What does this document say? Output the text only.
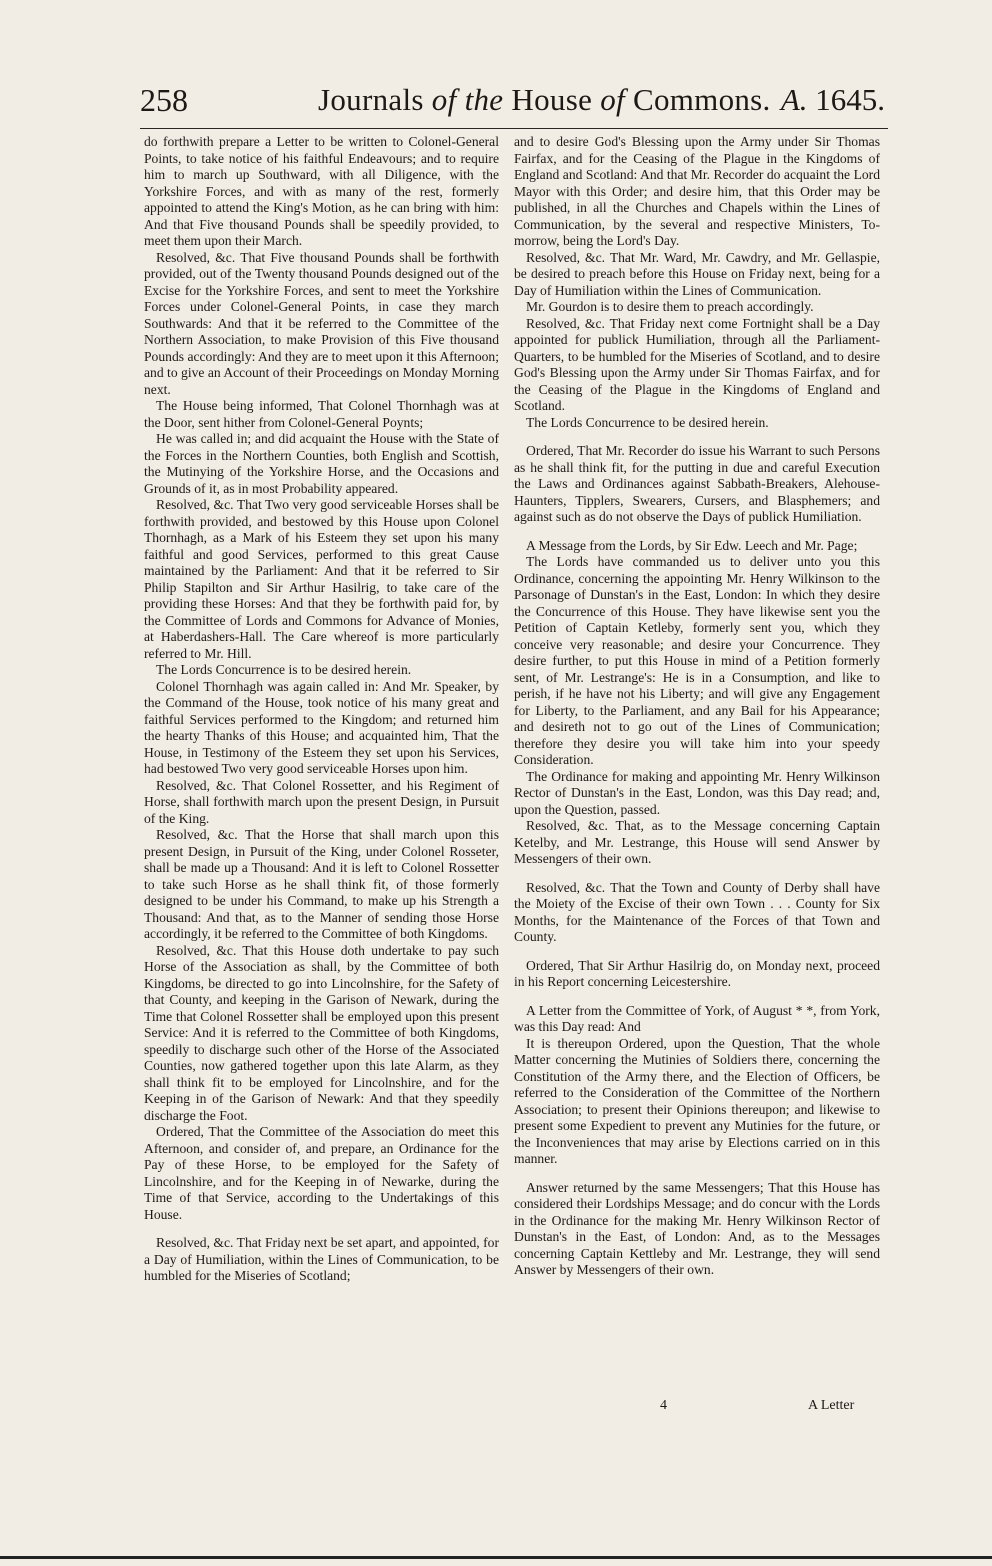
258	Journals of the House of Commons. A. 1645.

do forthwith prepare a Letter to be written to Colonel-General Points, to take notice of his faithful Endeavours; and to require him to march up Southward, with all Diligence, with the Yorkshire Forces, and with as many of the rest, formerly appointed to attend the King's Motion, as he can bring with him: And that Five thousand Pounds shall be speedily provided, to meet them upon their March.

Resolved, &c. That Five thousand Pounds shall be forthwith provided, out of the Twenty thousand Pounds designed out of the Excise for the Yorkshire Forces, and sent to meet the Yorkshire Forces under Colonel-General Points, in case they march Southwards: And that it be referred to the Committee of the Northern Association, to make Provision of this Five thousand Pounds accordingly: And they are to meet upon it this Afternoon; and to give an Account of their Proceedings on Monday Morning next.

The House being informed, That Colonel Thornhagh was at the Door, sent hither from Colonel-General Poynts;

He was called in; and did acquaint the House with the State of the Forces in the Northern Counties, both English and Scottish, the Mutinying of the Yorkshire Horse, and the Occasions and Grounds of it, as in most Probability appeared.

Resolved, &c. That Two very good serviceable Horses shall be forthwith provided, and bestowed by this House upon Colonel Thornhagh, as a Mark of his Esteem they set upon his many faithful and good Services, performed to this great Cause maintained by the Parliament: And that it be referred to Sir Philip Stapilton and Sir Arthur Hasilrig, to take care of the providing these Horses: And that they be forthwith paid for, by the Committee of Lords and Commons for Advance of Monies, at Haberdashers-Hall. The Care whereof is more particularly referred to Mr. Hill.

The Lords Concurrence is to be desired herein.

Colonel Thornhagh was again called in: And Mr. Speaker, by the Command of the House, took notice of his many great and faithful Services performed to the Kingdom; and returned him the hearty Thanks of this House; and acquainted him, That the House, in Testimony of the Esteem they set upon his Services, had bestowed Two very good serviceable Horses upon him.

Resolved, &c. That Colonel Rossetter, and his Regiment of Horse, shall forthwith march upon the present Design, in Pursuit of the King.

Resolved, &c. That the Horse that shall march upon this present Design, in Pursuit of the King, under Colonel Rosseter, shall be made up a Thousand: And it is left to Colonel Rossetter to take such Horse as he shall think fit, of those formerly designed to be under his Command, to make up his Strength a Thousand: And that, as to the Manner of sending those Horse accordingly, it be referred to the Committee of both Kingdoms.

Resolved, &c. That this House doth undertake to pay such Horse of the Association as shall, by the Committee of both Kingdoms, be directed to go into Lincolnshire, for the Safety of that County, and keeping in the Garison of Newark, during the Time that Colonel Rossetter shall be employed upon this present Service: And it is referred to the Committee of both Kingdoms, speedily to discharge such other of the Horse of the Associated Counties, now gathered together upon this late Alarm, as they shall think fit to be employed for Lincolnshire, and for the Keeping in of the Garison of Newark: And that they speedily discharge the Foot.

Ordered, That the Committee of the Association do meet this Afternoon, and consider of, and prepare, an Ordinance for the Pay of these Horse, to be employed for the Safety of Lincolnshire, and for the Keeping in of Newarke, during the Time of that Service, according to the Undertakings of this House.

Resolved, &c. That Friday next be set apart, and appointed, for a Day of Humiliation, within the Lines of Communication, to be humbled for the Miseries of Scotland;

and to desire God's Blessing upon the Army under Sir Thomas Fairfax, and for the Ceasing of the Plague in the Kingdoms of England and Scotland: And that Mr. Recorder do acquaint the Lord Mayor with this Order; and desire him, that this Order may be published, in all the Churches and Chapels within the Lines of Communication, by the several and respective Ministers, To-morrow, being the Lord's Day.

Resolved, &c. That Mr. Ward, Mr. Cawdry, and Mr. Gellaspie, be desired to preach before this House on Friday next, being for a Day of Humiliation within the Lines of Communication.

Mr. Gourdon is to desire them to preach accordingly.

Resolved, &c. That Friday next come Fortnight shall be a Day appointed for publick Humiliation, through all the Parliament-Quarters, to be humbled for the Miseries of Scotland, and to desire God's Blessing upon the Army under Sir Thomas Fairfax, and for the Ceasing of the Plague in the Kingdoms of England and Scotland.

The Lords Concurrence to be desired herein.

Ordered, That Mr. Recorder do issue his Warrant to such Persons as he shall think fit, for the putting in due and careful Execution the Laws and Ordinances against Sabbath-Breakers, Alehouse-Haunters, Tipplers, Swearers, Cursers, and Blasphemers; and against such as do not observe the Days of publick Humiliation.

A Message from the Lords, by Sir Edw. Leech and Mr. Page;

The Lords have commanded us to deliver unto you this Ordinance, concerning the appointing Mr. Henry Wilkinson to the Parsonage of Dunstan's in the East, London: In which they desire the Concurrence of this House. They have likewise sent you the Petition of Captain Ketleby, formerly sent you, which they conceive very reasonable; and desire your Concurrence. They desire further, to put this House in mind of a Petition formerly sent, of Mr. Lestrange's: He is in a Consumption, and like to perish, if he have not his Liberty; and will give any Engagement for Liberty, to the Parliament, and any Bail for his Appearance; and desireth not to go out of the Lines of Communication; therefore they desire you will take him into your speedy Consideration.

The Ordinance for making and appointing Mr. Henry Wilkinson Rector of Dunstan's in the East, London, was this Day read; and, upon the Question, passed.

Resolved, &c. That, as to the Message concerning Captain Ketelby, and Mr. Lestrange, this House will send Answer by Messengers of their own.

Resolved, &c. That the Town and County of Derby shall have the Moiety of the Excise of their own Town . . . County for Six Months, for the Maintenance of the Forces of that Town and County.

Ordered, That Sir Arthur Hasilrig do, on Monday next, proceed in his Report concerning Leicestershire.

A Letter from the Committee of York, of August * *, from York, was this Day read: And

It is thereupon Ordered, upon the Question, That the whole Matter concerning the Mutinies of Soldiers there, concerning the Constitution of the Army there, and the Election of Officers, be referred to the Consideration of the Committee of the Northern Association; to present their Opinions thereupon; and likewise to present some Expedient to prevent any Mutinies for the future, or the Inconveniences that may arise by Elections carried on in this manner.

Answer returned by the same Messengers; That this House has considered their Lordships Message; and do concur with the Lords in the Ordinance for the making Mr. Henry Wilkinson Rector of Dunstan's in the East, of London: And, as to the Messages concerning Captain Kettleby and Mr. Lestrange, they will send Answer by Messengers of their own.

4	A Letter
